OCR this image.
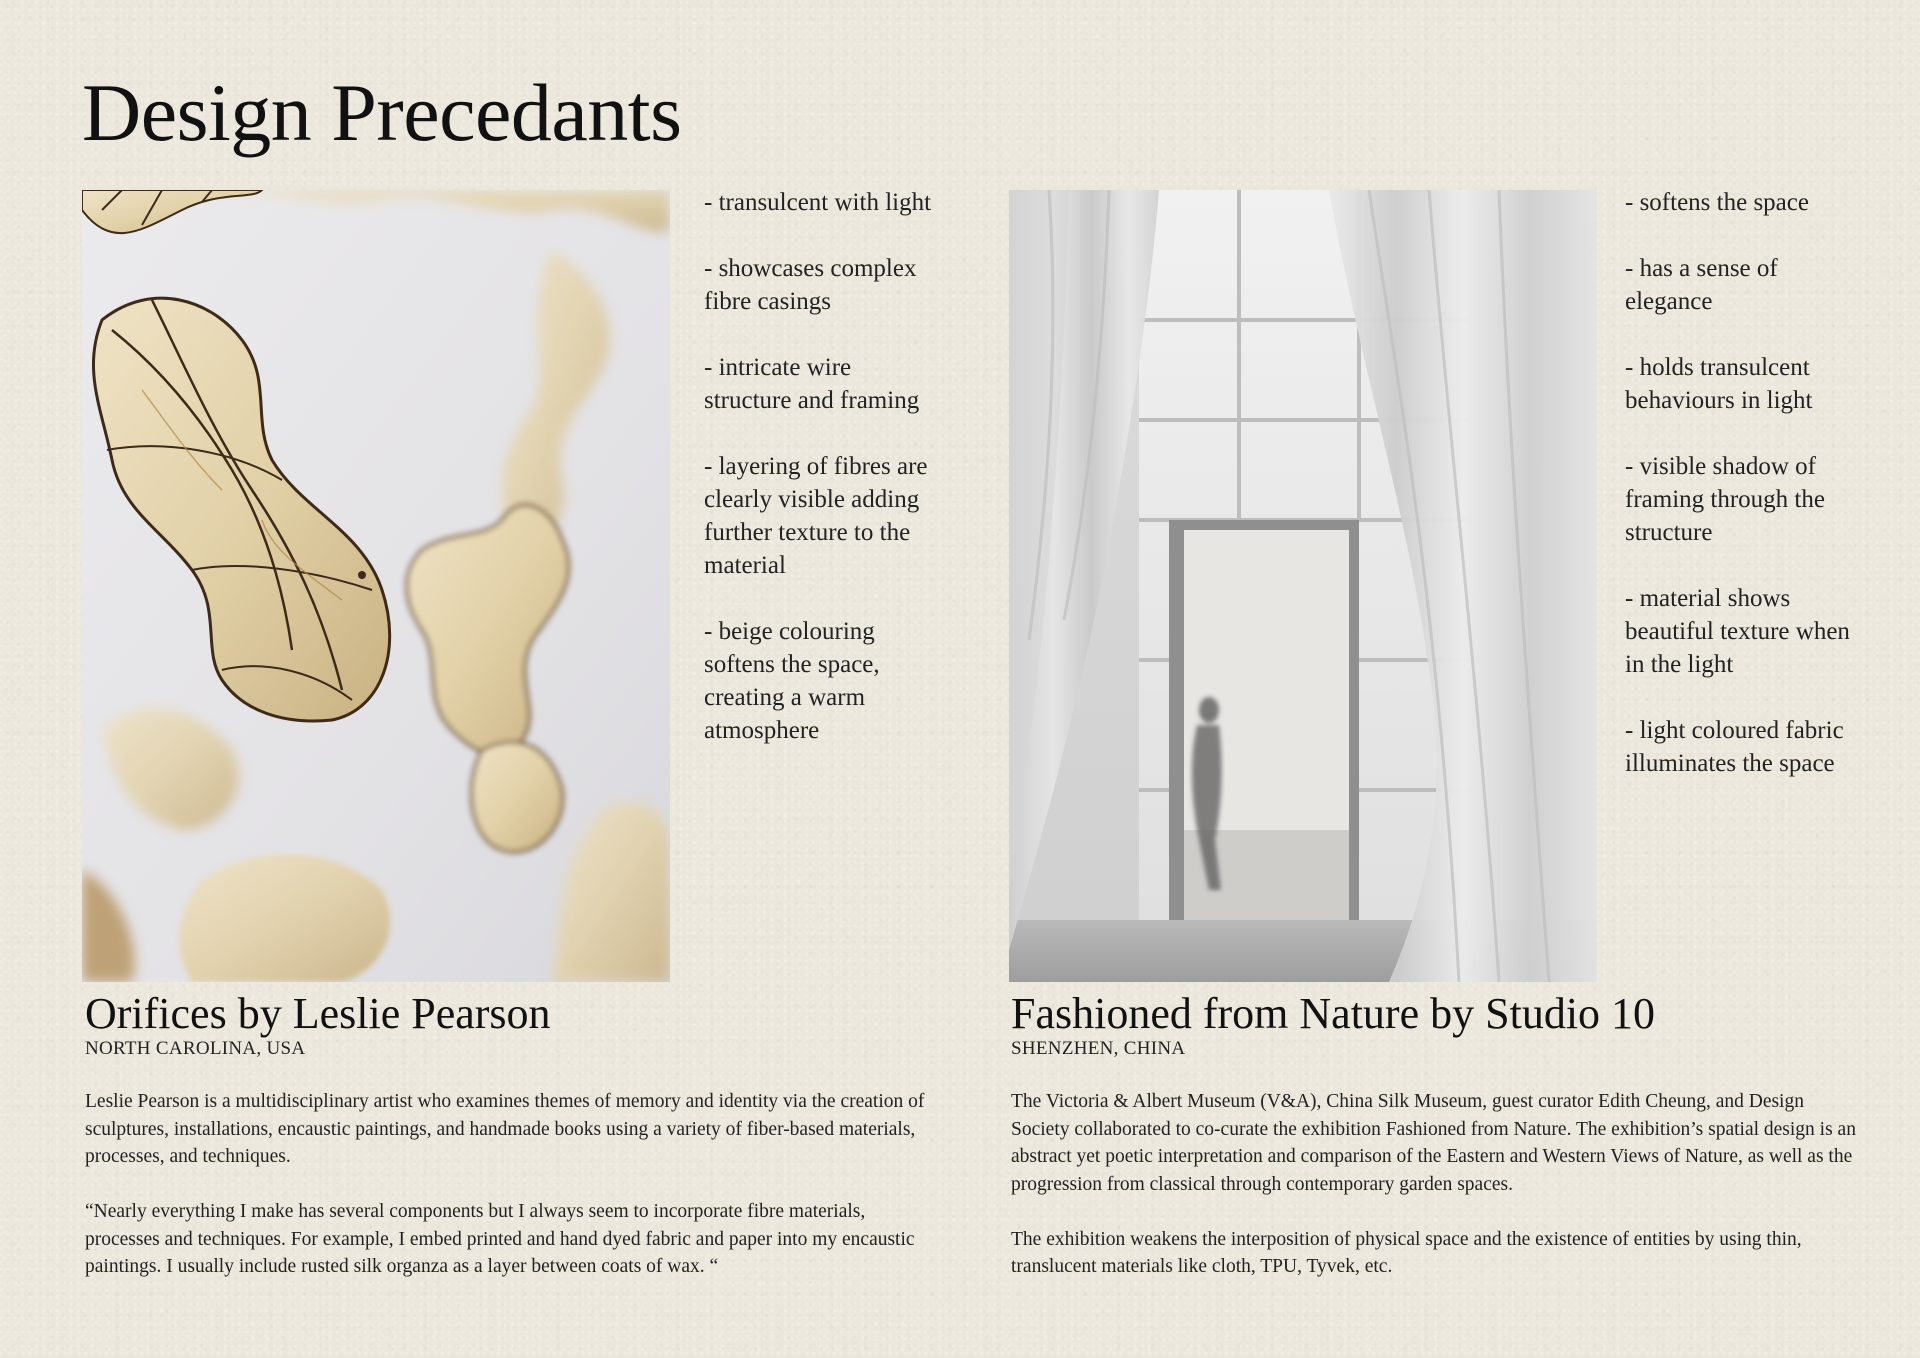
Design Precedants
- transulcent with light
- showcases complex fibre casings
- intricate wire structure and framing
- layering of fibres are clearly visible adding further texture to the material
- beige colouring softens the space, creating a warm atmosphere
- softens the space
- has a sense of elegance
- holds transulcent behaviours in light
- visible shadow of framing through the structure
- material shows beautiful texture when in the light
- light coloured fabric illuminates the space
Orifices by Leslie Pearson
NORTH CAROLINA, USA

Leslie Pearson is a multidisciplinary artist who examines themes of memory and identity via the creation of sculptures, installations, encaustic paintings, and handmade books using a variety of fiber-based materials, processes, and techniques.

“Nearly everything I make has several components but I always seem to incorporate fibre materials, processes and techniques. For example, I embed printed and hand dyed fabric and paper into my encaustic paintings. I usually include rusted silk organza as a layer between coats of wax. “

Fashioned from Nature by Studio 10
SHENZHEN, CHINA

The Victoria & Albert Museum (V&A), China Silk Museum, guest curator Edith Cheung, and Design Society collaborated to co-curate the exhibition Fashioned from Nature. The exhibition’s spatial design is an abstract yet poetic interpretation and comparison of the Eastern and Western Views of Nature, as well as the progression from classical through contemporary garden spaces.

The exhibition weakens the interposition of physical space and the existence of entities by using thin, translucent materials like cloth, TPU, Tyvek, etc.
